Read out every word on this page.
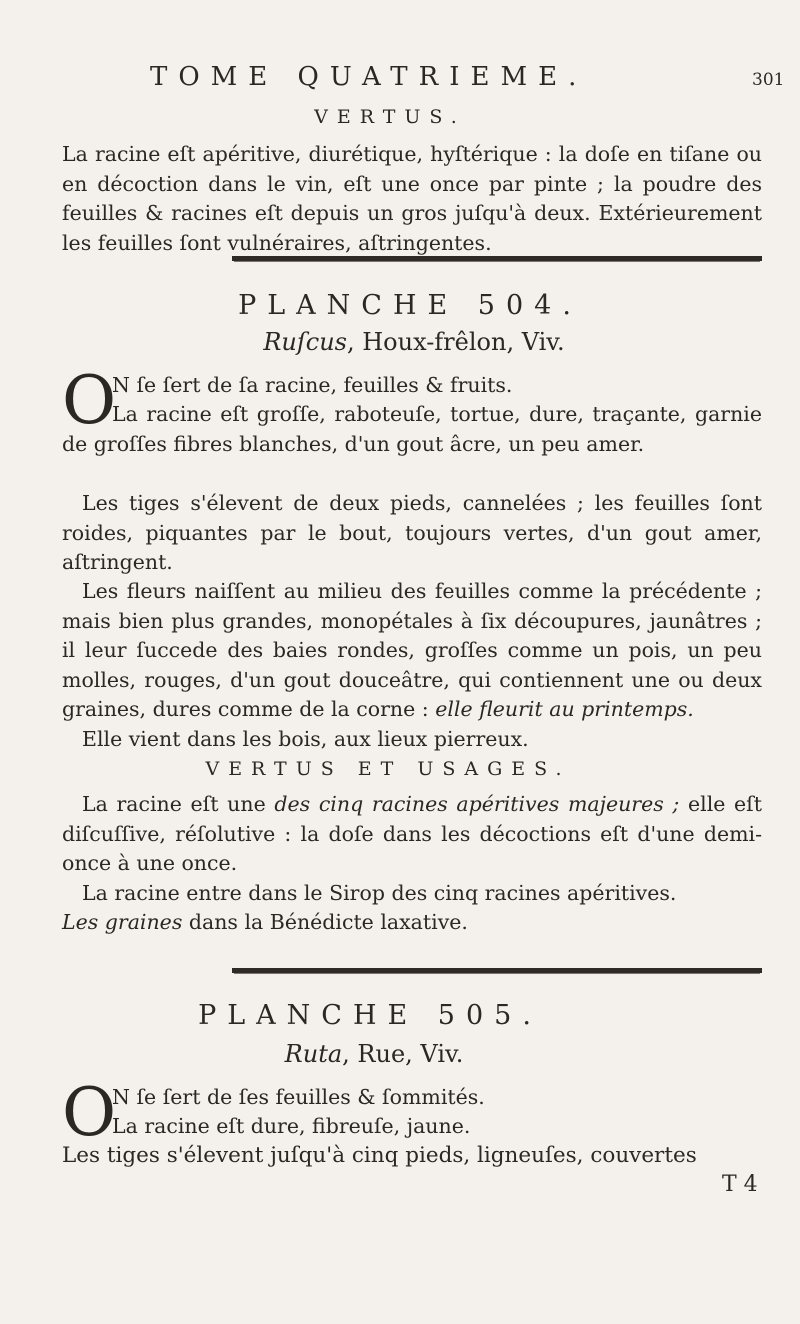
TOME QUATRIEME.	301
VERTUS.

La racine eſt apéritive, diurétique, hyſtérique : la doſe en tiſane ou en décoction dans le vin, eſt une once par pinte ; la poudre des feuilles & racines eſt depuis un gros juſqu'à deux. Extérieurement les feuilles ſont vulnéraires, aſtringentes.

PLANCHE 504.
Ruſcus, Houx-frêlon, Viv.
O
N ſe ſert de ſa racine, feuilles & fruits.

La racine eſt groſſe, raboteuſe, tortue, dure, traçante, garnie de groſſes fibres blanches, d'un gout âcre, un peu amer.

Les tiges s'élevent de deux pieds, cannelées ; les feuilles ſont roides, piquantes par le bout, toujours vertes, d'un gout amer, aſtringent.

Les fleurs naiſſent au milieu des feuilles comme la précédente ; mais bien plus grandes, monopétales à ſix découpures, jaunâtres ; il leur ſuccede des baies rondes, groſſes comme un pois, un peu molles, rouges, d'un gout douceâtre, qui contiennent une ou deux graines, dures comme de la corne : elle fleurit au printemps.

Elle vient dans les bois, aux lieux pierreux.

VERTUS ET USAGES.

La racine eſt une des cinq racines apéritives majeures ; elle eſt diſcuſſive, réſolutive : la doſe dans les décoctions eſt d'une demi-once à une once.

La racine entre dans le Sirop des cinq racines apéritives.

Les graines dans la Bénédicte laxative.

PLANCHE 505.
Ruta, Rue, Viv.
O
N ſe ſert de ſes feuilles & ſommités.
La racine eſt dure, fibreuſe, jaune.
Les tiges s'élevent juſqu'à cinq pieds, ligneuſes, couvertes
T 4
